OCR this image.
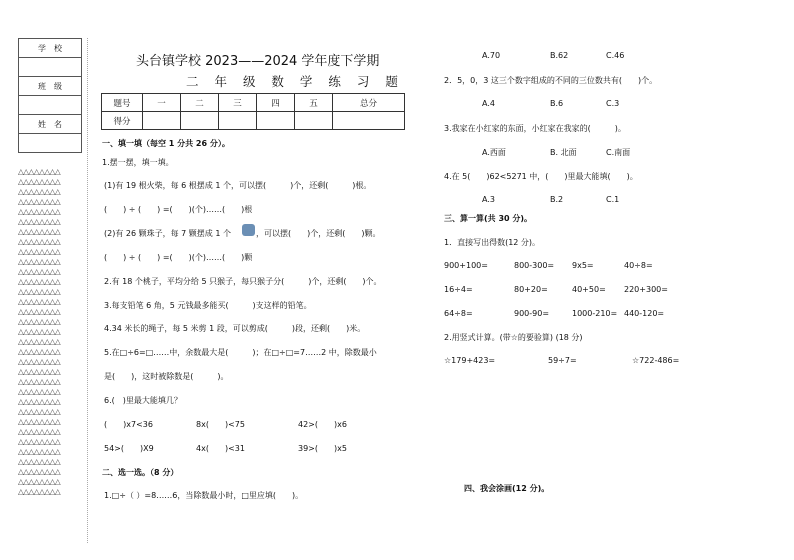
学　校

班　级

姓　名

△△△△△△△△
△△△△△△△△
△△△△△△△△
△△△△△△△△
△△△△△△△△
△△△△△△△△
△△△△△△△△
△△△△△△△△
△△△△△△△△
△△△△△△△△
△△△△△△△△
△△△△△△△△
△△△△△△△△
△△△△△△△△
△△△△△△△△
△△△△△△△△
△△△△△△△△
△△△△△△△△
△△△△△△△△
△△△△△△△△
△△△△△△△△
△△△△△△△△
△△△△△△△△
△△△△△△△△
△△△△△△△△
△△△△△△△△
△△△△△△△△
△△△△△△△△
△△△△△△△△
△△△△△△△△
△△△△△△△△
△△△△△△△△
△△△△△△△△
头台镇学校 2023——2024 学年度下学期
二 年 级 数 学 练 习 题
题号	一	二	三	四	五	总分
得分						
一、填一填（每空 1 分共 26 分）。
1.摆一摆，填一填。
(1)有 19 根火柴，每 6 根摆成 1 个，可以摆(　　　)个，还剩(　　　)根。
(　　) ÷ (　　) =(　　)(个)……(　　)根
(2)有 26 颗珠子，每 7 颗摆成 1 个	，可以摆(　　)个，还剩(　　)颗。
(　　) ÷ (　　) =(　　)(个)……(　　)颗
2.有 18 个桃子，平均分给 5 只猴子，每只猴子分(　　　)个，还剩(　　)个。
3.每支铅笔 6 角，5 元钱最多能买(　　　)支这样的铅笔。
4.34 米长的绳子，每 5 米剪 1 段，可以剪成(　　　)段，还剩(　　)米。
5.在□÷6=□……中，余数最大是(　　　)；在□÷□=7……2 中，除数最小
是(　　)，这时被除数是(　　　)。
6.(　)里最大能填几？
(　　)x7<36	8x(　　)<75	42>(　　)x6
54>(　　)X9	4x(　　)<31	39>(　　)x5
二、选一选。（8 分）
1.□÷（ ）=8……6，当除数最小时，□里应填(　　)。
A.70	B.62	C.46
2．5，0，3 这三个数字组成的不同的三位数共有(　　)个。
A.4	B.6	C.3
3.我家在小红家的东面，小红家在我家的(　　　)。
A.西面	B. 北面	C.南面
4.在 5(　　)62<5271 中，(　　)里最大能填(　　)。
A.3	B.2	C.1
三、算一算(共 30 分)。
1．直接写出得数(12 分)。
900+100=	800-300= 9x5=	40÷8=
16÷4=	80+20=	40+50= 220+300=
64÷8=	900-90=	1000-210= 440-120=
2.用竖式计算。(带☆的要验算) (18 分)
☆179+423=	59÷7=	☆722-486=
四、我会涂画(12 分)。
